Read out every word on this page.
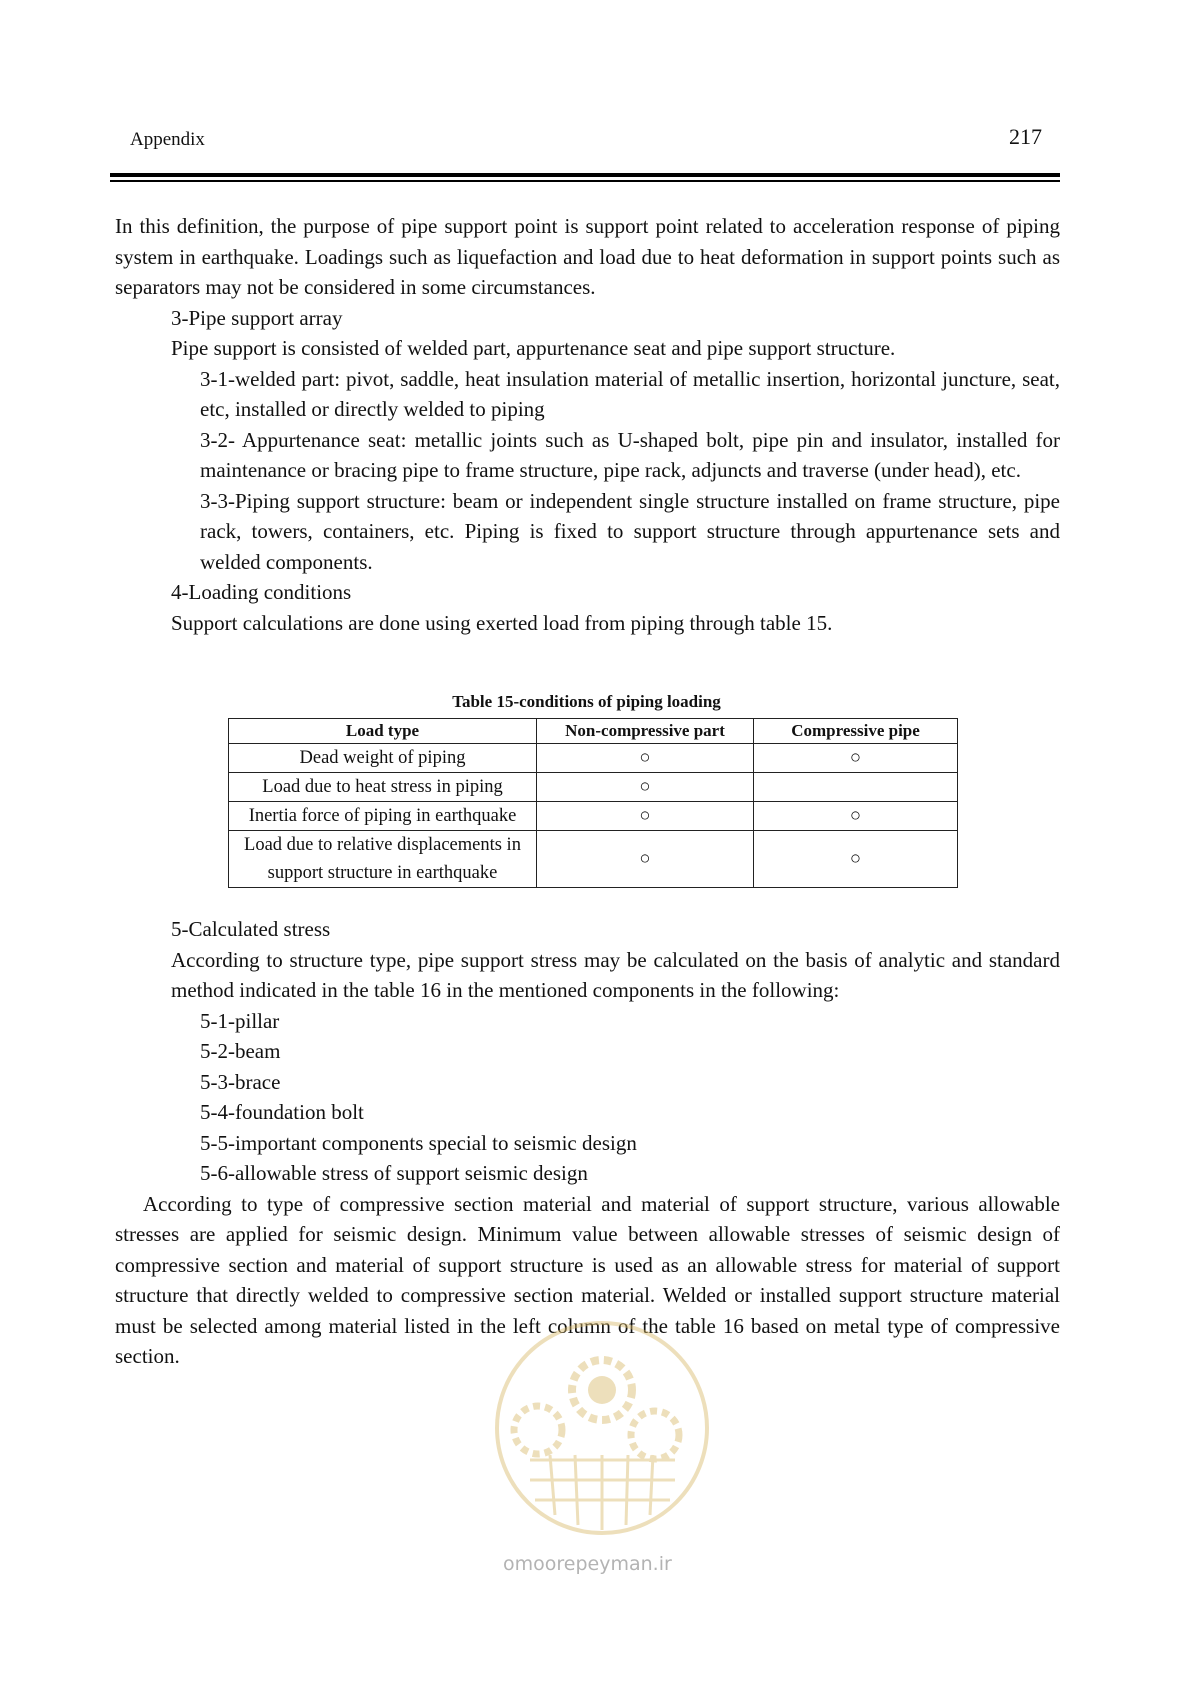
Appendix	217

In this definition, the purpose of pipe support point is support point related to acceleration response of piping system in earthquake. Loadings such as liquefaction and load due to heat deformation in support points such as separators may not be considered in some circumstances.

3-Pipe support array

Pipe support is consisted of welded part, appurtenance seat and pipe support structure.

3-1-welded part: pivot, saddle, heat insulation material of metallic insertion, horizontal juncture, seat, etc, installed or directly welded to piping

3-2- Appurtenance seat: metallic joints such as U-shaped bolt, pipe pin and insulator, installed for maintenance or bracing pipe to frame structure, pipe rack, adjuncts and traverse (under head), etc.

3-3-Piping support structure: beam or independent single structure installed on frame structure, pipe rack, towers, containers, etc. Piping is fixed to support structure through appurtenance sets and welded components.

4-Loading conditions

Support calculations are done using exerted load from piping through table 15.

Table 15-conditions of piping loading
Load type	Non-compressive part	Compressive pipe
Dead weight of piping	○	○
Load due to heat stress in piping	○	
Inertia force of piping in earthquake	○	○
Load due to relative displacements in support structure in earthquake	○	○

5-Calculated stress

According to structure type, pipe support stress may be calculated on the basis of analytic and standard method indicated in the table 16 in the mentioned components in the following:

5-1-pillar

5-2-beam

5-3-brace

5-4-foundation bolt

5-5-important components special to seismic design

5-6-allowable stress of support seismic design

According to type of compressive section material and material of support structure, various allowable stresses are applied for seismic design. Minimum value between allowable stresses of seismic design of compressive section and material of support structure is used as an allowable stress for material of support structure that directly welded to compressive section material. Welded or installed support structure material must be selected among material listed in the left column of the table 16 based on metal type of compressive section.

omoorepeyman.ir
